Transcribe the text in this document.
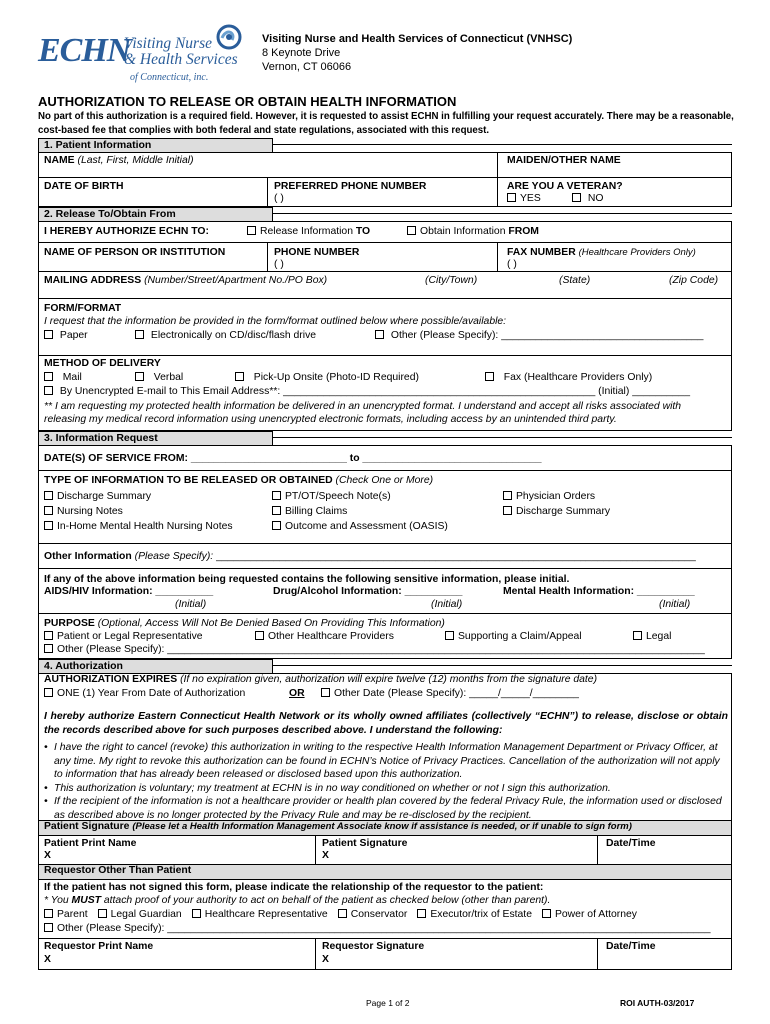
ECHN
Visiting Nurse
& Health Services
of Connecticut, inc.
Visiting Nurse and Health Services of Connecticut (VNHSC)
8 Keynote Drive
Vernon, CT 06066
AUTHORIZATION TO RELEASE OR OBTAIN HEALTH INFORMATION
No part of this authorization is a required field. However, it is requested to assist ECHN in fulfilling your request accurately. There may be a reasonable, cost-based fee that complies with both federal and state regulations, associated with this request.
1. Patient Information
NAME (Last, First, Middle Initial)	MAIDEN/OTHER NAME
DATE OF BIRTH	PREFERRED PHONE NUMBER
( )
ARE YOU A VETERAN?
YES	NO
2. Release To/Obtain From
I HEREBY AUTHORIZE ECHN TO:	Release Information TO	Obtain Information FROM
NAME OF PERSON OR INSTITUTION	PHONE NUMBER
( )
FAX NUMBER (Healthcare Providers Only)
( )
MAILING ADDRESS (Number/Street/Apartment No./PO Box)	(City/Town)	(State)	(Zip Code)
FORM/FORMAT
I request that the information be provided in the form/format outlined below where possible/available:
Paper	Electronically on CD/disc/flash drive	Other (Please Specify): ___________________________________
METHOD OF DELIVERY
Mail	Verbal	Pick-Up Onsite (Photo-ID Required)	Fax (Healthcare Providers Only)
By Unencrypted E-mail to This Email Address**: ______________________________________________________ (Initial) __________
** I am requesting my protected health information be delivered in an unencrypted format. I understand and accept all risks associated with releasing my medical record information using unencrypted electronic formats, including access by an unintended third party.
3. Information Request
DATE(S) OF SERVICE FROM: ___________________________ to _______________________________
TYPE OF INFORMATION TO BE RELEASED OR OBTAINED (Check One or More)
Discharge Summary
Nursing Notes
In-Home Mental Health Nursing Notes
PT/OT/Speech Note(s)
Billing Claims
Outcome and Assessment (OASIS)
Physician Orders
Discharge Summary
Other Information (Please Specify): ___________________________________________________________________________________
If any of the above information being requested contains the following sensitive information, please initial.
AIDS/HIV Information: __________	Drug/Alcohol Information: __________	Mental Health Information: __________
(Initial)	(Initial)	(Initial)
PURPOSE (Optional, Access Will Not Be Denied Based On Providing This Information)
Patient or Legal Representative	Other Healthcare Providers	Supporting a Claim/Appeal	Legal
Other (Please Specify): _____________________________________________________________________________________________
4. Authorization
AUTHORIZATION EXPIRES (If no expiration given, authorization will expire twelve (12) months from the signature date)
ONE (1) Year From Date of Authorization	OR	Other Date (Please Specify): _____/_____/________
I hereby authorize Eastern Connecticut Health Network or its wholly owned affiliates (collectively “ECHN”) to release, disclose or obtain the records described above for such purposes described above. I understand the following:
• I have the right to cancel (revoke) this authorization in writing to the respective Health Information Management Department or Privacy Officer, at any time. My right to revoke this authorization can be found in ECHN’s Notice of Privacy Practices. Cancellation of the authorization will not apply to information that has already been released or disclosed based upon this authorization.
• This authorization is voluntary; my treatment at ECHN is in no way conditioned on whether or not I sign this authorization.
• If the recipient of the information is not a healthcare provider or health plan covered by the federal Privacy Rule, the information used or disclosed as described above is no longer protected by the Privacy Rule and may be re-disclosed by the recipient.
Patient Signature (Please let a Health Information Management Associate know if assistance is needed, or if unable to sign form)
Patient Print Name
X
Patient Signature
X
Date/Time
Requestor Other Than Patient
If the patient has not signed this form, please indicate the relationship of the requestor to the patient:
* You MUST attach proof of your authority to act on behalf of the patient as checked below (other than parent).
Parent Legal Guardian Healthcare Representative Conservator Executor/trix of Estate Power of Attorney
Other (Please Specify): ______________________________________________________________________________________________
Requestor Print Name
X
Requestor Signature
X
Date/Time
Page 1 of 2	ROI AUTH-03/2017
